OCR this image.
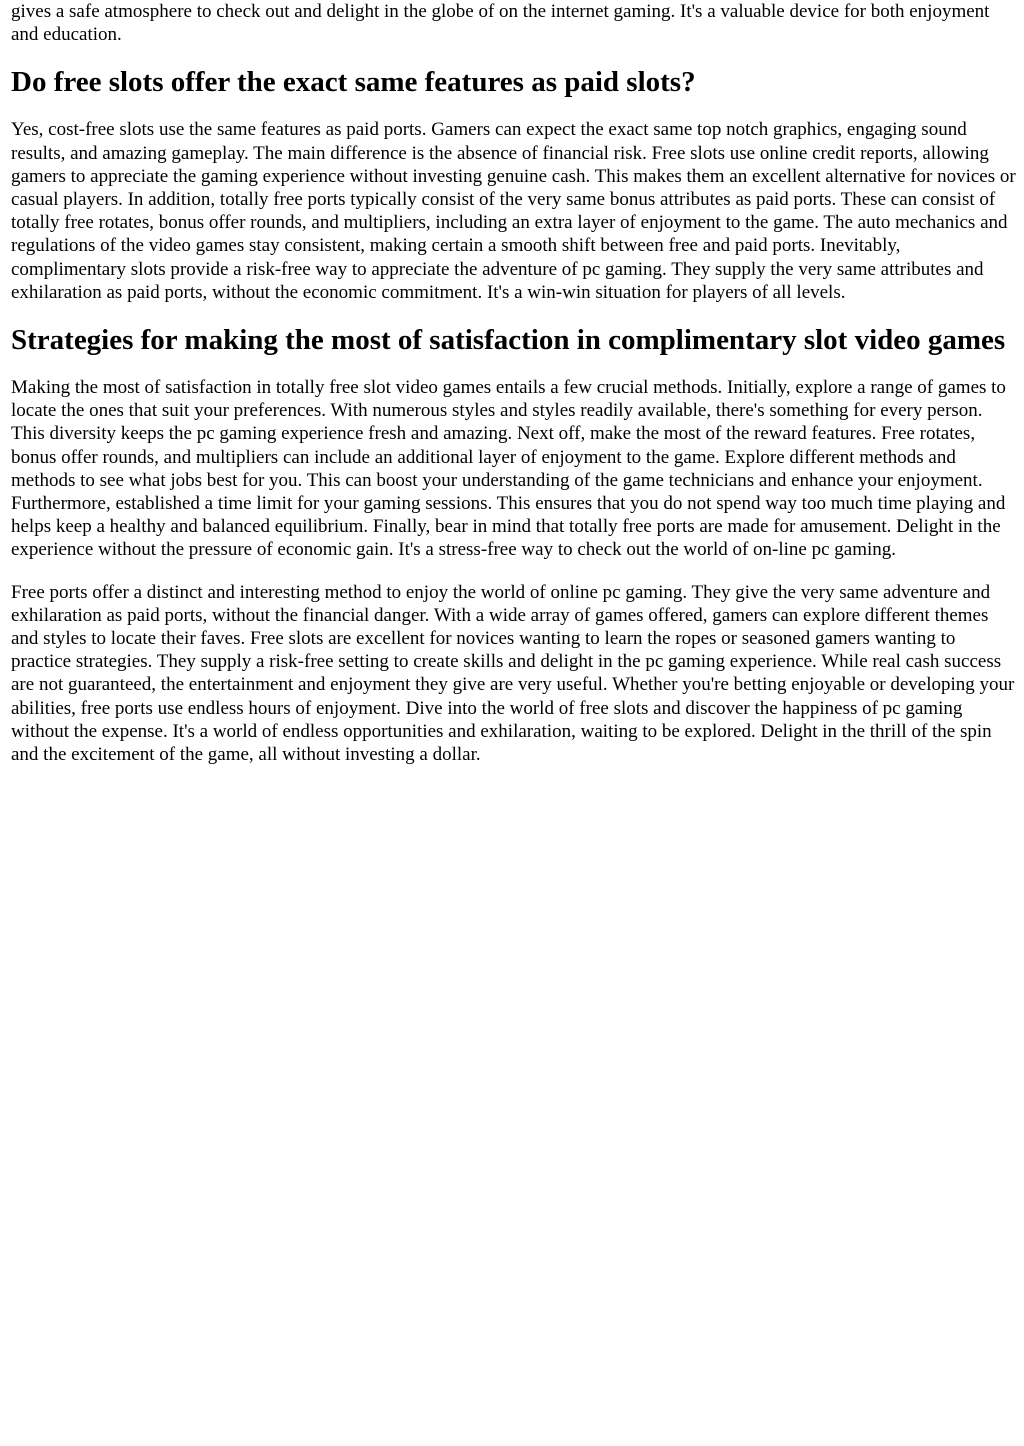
gives a safe atmosphere to check out and delight in the globe of on the internet gaming. It's a valuable device for both enjoyment and education.

Do free slots offer the exact same features as paid slots?

Yes, cost-free slots use the same features as paid ports. Gamers can expect the exact same top notch graphics, engaging sound results, and amazing gameplay. The main difference is the absence of financial risk. Free slots use online credit reports, allowing gamers to appreciate the gaming experience without investing genuine cash. This makes them an excellent alternative for novices or casual players. In addition, totally free ports typically consist of the very same bonus attributes as paid ports. These can consist of totally free rotates, bonus offer rounds, and multipliers, including an extra layer of enjoyment to the game. The auto mechanics and regulations of the video games stay consistent, making certain a smooth shift between free and paid ports. Inevitably, complimentary slots provide a risk-free way to appreciate the adventure of pc gaming. They supply the very same attributes and exhilaration as paid ports, without the economic commitment. It's a win-win situation for players of all levels.

Strategies for making the most of satisfaction in complimentary slot video games

Making the most of satisfaction in totally free slot video games entails a few crucial methods. Initially, explore a range of games to locate the ones that suit your preferences. With numerous styles and styles readily available, there's something for every person. This diversity keeps the pc gaming experience fresh and amazing. Next off, make the most of the reward features. Free rotates, bonus offer rounds, and multipliers can include an additional layer of enjoyment to the game. Explore different methods and methods to see what jobs best for you. This can boost your understanding of the game technicians and enhance your enjoyment. Furthermore, established a time limit for your gaming sessions. This ensures that you do not spend way too much time playing and helps keep a healthy and balanced equilibrium. Finally, bear in mind that totally free ports are made for amusement. Delight in the experience without the pressure of economic gain. It's a stress-free way to check out the world of on-line pc gaming.

Free ports offer a distinct and interesting method to enjoy the world of online pc gaming. They give the very same adventure and exhilaration as paid ports, without the financial danger. With a wide array of games offered, gamers can explore different themes and styles to locate their faves. Free slots are excellent for novices wanting to learn the ropes or seasoned gamers wanting to practice strategies. They supply a risk-free setting to create skills and delight in the pc gaming experience. While real cash success are not guaranteed, the entertainment and enjoyment they give are very useful. Whether you're betting enjoyable or developing your abilities, free ports use endless hours of enjoyment. Dive into the world of free slots and discover the happiness of pc gaming without the expense. It's a world of endless opportunities and exhilaration, waiting to be explored. Delight in the thrill of the spin and the excitement of the game, all without investing a dollar.
